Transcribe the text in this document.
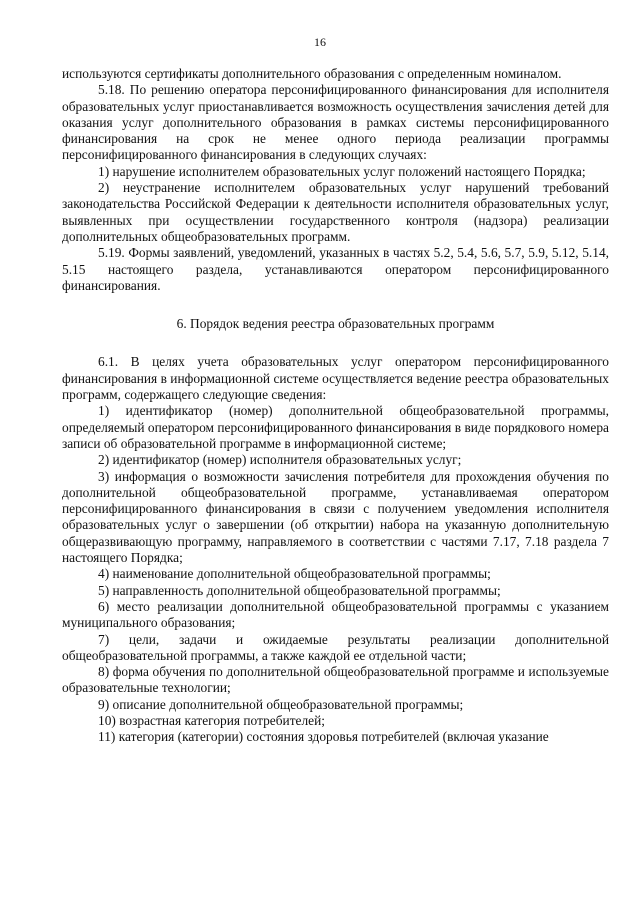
16

используются сертификаты дополнительного образования с определенным номиналом.

5.18. По решению оператора персонифицированного финансирования для исполнителя образовательных услуг приостанавливается возможность осуществления зачисления детей для оказания услуг дополнительного образования в рамках системы персонифицированного финансирования на срок не менее одного периода реализации программы персонифицированного финансирования в следующих случаях:

1) нарушение исполнителем образовательных услуг положений настоящего Порядка;

2) неустранение исполнителем образовательных услуг нарушений требований законодательства Российской Федерации к деятельности исполнителя образовательных услуг, выявленных при осуществлении государственного контроля (надзора) реализации дополнительных общеобразовательных программ.

5.19. Формы заявлений, уведомлений, указанных в частях 5.2, 5.4, 5.6, 5.7, 5.9, 5.12, 5.14, 5.15 настоящего раздела, устанавливаются оператором персонифицированного финансирования.

6. Порядок ведения реестра образовательных программ

6.1. В целях учета образовательных услуг оператором персонифицированного финансирования в информационной системе осуществляется ведение реестра образовательных программ, содержащего следующие сведения:

1) идентификатор (номер) дополнительной общеобразовательной программы, определяемый оператором персонифицированного финансирования в виде порядкового номера записи об образовательной программе в информационной системе;

2) идентификатор (номер) исполнителя образовательных услуг;

3) информация о возможности зачисления потребителя для прохождения обучения по дополнительной общеобразовательной программе, устанавливаемая оператором персонифицированного финансирования в связи с получением уведомления исполнителя образовательных услуг о завершении (об открытии) набора на указанную дополнительную общеразвивающую программу, направляемого в соответствии с частями 7.17, 7.18 раздела 7 настоящего Порядка;

4) наименование дополнительной общеобразовательной программы;

5) направленность дополнительной общеобразовательной программы;

6) место реализации дополнительной общеобразовательной программы с указанием муниципального образования;

7) цели, задачи и ожидаемые результаты реализации дополнительной общеобразовательной программы, а также каждой ее отдельной части;

8) форма обучения по дополнительной общеобразовательной программе и используемые образовательные технологии;

9) описание дополнительной общеобразовательной программы;

10) возрастная категория потребителей;

11) категория (категории) состояния здоровья потребителей (включая указание
